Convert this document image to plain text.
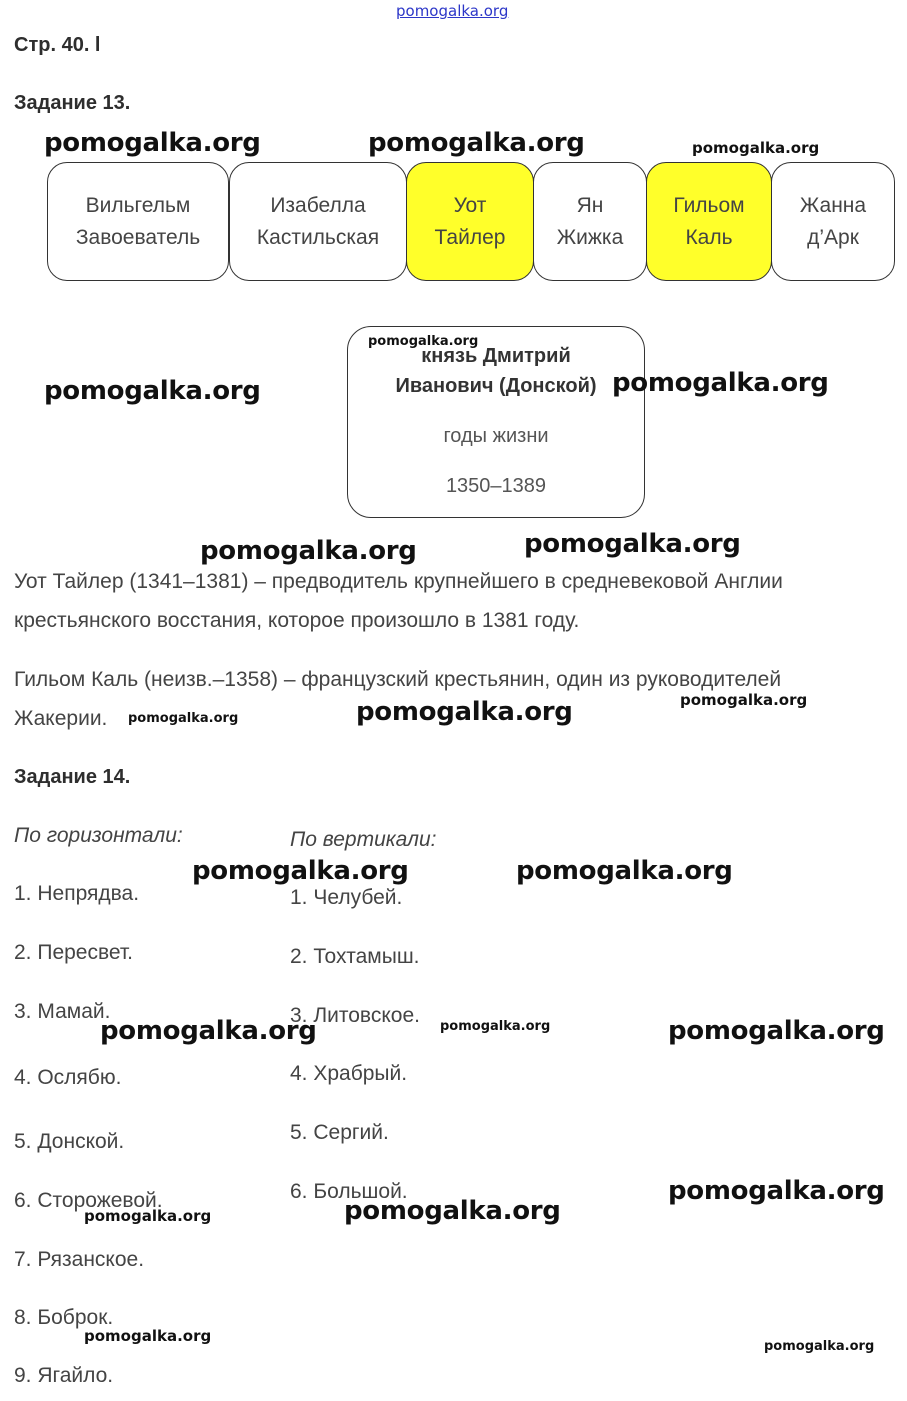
pomogalka.org
Стр. 40. l
Задание 13.
Вильгельм
Завоеватель
Изабелла
Кастильская
Уот
Тайлер
Ян
Жижка
Гильом
Каль
Жанна
д’Арк
князь Дмитрий
Иванович (Донской)
годы жизни
1350–1389
Уот Тайлер (1341–1381) – предводитель крупнейшего в средневековой Англии
крестьянского восстания, которое произошло в 1381 году.
Гильом Каль (неизв.–1358) – французский крестьянин, один из руководителей
Жакерии.
Задание 14.
По горизонтали:	По вертикали:
1. Непрядва.
2. Пересвет.
3. Мамай.
4. Ослябю.
5. Донской.
6. Сторожевой.
7. Рязанское.
8. Боброк.
9. Ягайло.
1. Челубей.
2. Тохтамыш.
3. Литовское.
4. Храбрый.
5. Сергий.
6. Большой.
pomogalka.org	pomogalka.org	pomogalka.org
pomogalka.org
pomogalka.org	pomogalka.org
pomogalka.org	pomogalka.org
pomogalka.org	pomogalka.org	pomogalka.org
pomogalka.org	pomogalka.org
pomogalka.org	pomogalka.org	pomogalka.org
pomogalka.org
pomogalka.org	pomogalka.org
pomogalka.org
pomogalka.org
